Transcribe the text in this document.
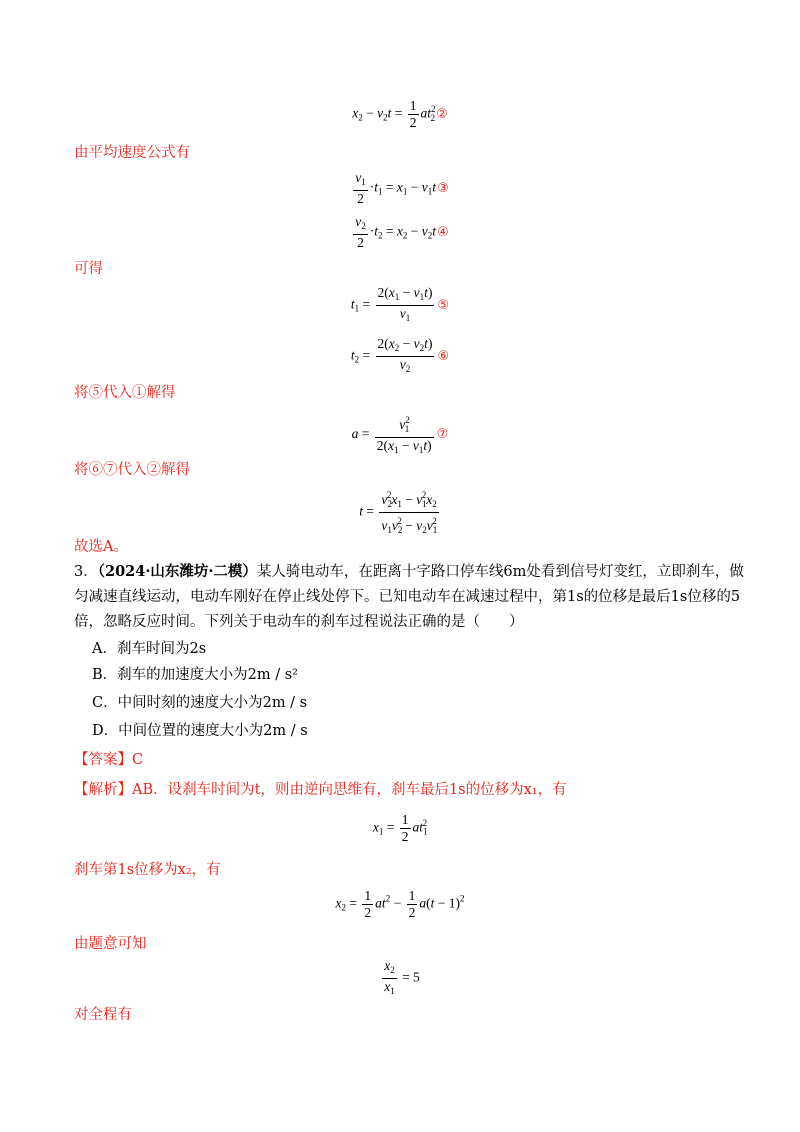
$x_2 - v_2t = \frac{1}{2}$ $at^2_2②$
由平均速度公式有
$\frac{v_1}{2} \cdot t_1 = x_1$ − $v_1t③$
$\frac{v_2}{2} \cdot t_2 = x_2$ − $v_2t④$
可得
$t_1 = \frac{2(x_1 - v_1t)}{v_1}$ ⑤
$t_2 = \frac{2(x_2 - v_2t)}{v_2}$ ⑥
将⑤代入①解得
$a = \frac{v^2_1}{2(x_1 - v_1t)}$ ⑦
将⑥⑦代入②解得
$t = \frac{v_2^2x_1 - v_1^2x_2}{v_1v_2^2 - v_2v_1^2}$
故选A。
3．（2024·山东潍坊·二模）某人骑电动车，在距离十字路口停车线6m处看到信号灯变红，立即刹车，做
匀减速直线运动，电动车刚好在停止线处停下。已知电动车在减速过程中，第1s的位移是最后1s位移的5
倍，忽略反应时间。下列关于电动车的刹车过程说法正确的是（　　）
A．刹车时间为2s
B．刹车的加速度大小为2m / s²
C．中间时刻的速度大小为2m / s
D．中间位置的速度大小为2m / s
【答案】C
【解析】AB．设刹车时间为t，则由逆向思维有，刹车最后1s的位移为x₁，有
$x_1 = \frac{1}{2} at_1^2$
刹车第1s位移为x₂，有
$x_2 = \frac{1}{2} at^2 - \frac{1}{2} a(t - 1)^2$
由题意可知
$\frac{x_2}{x_1} = 5$
对全程有
